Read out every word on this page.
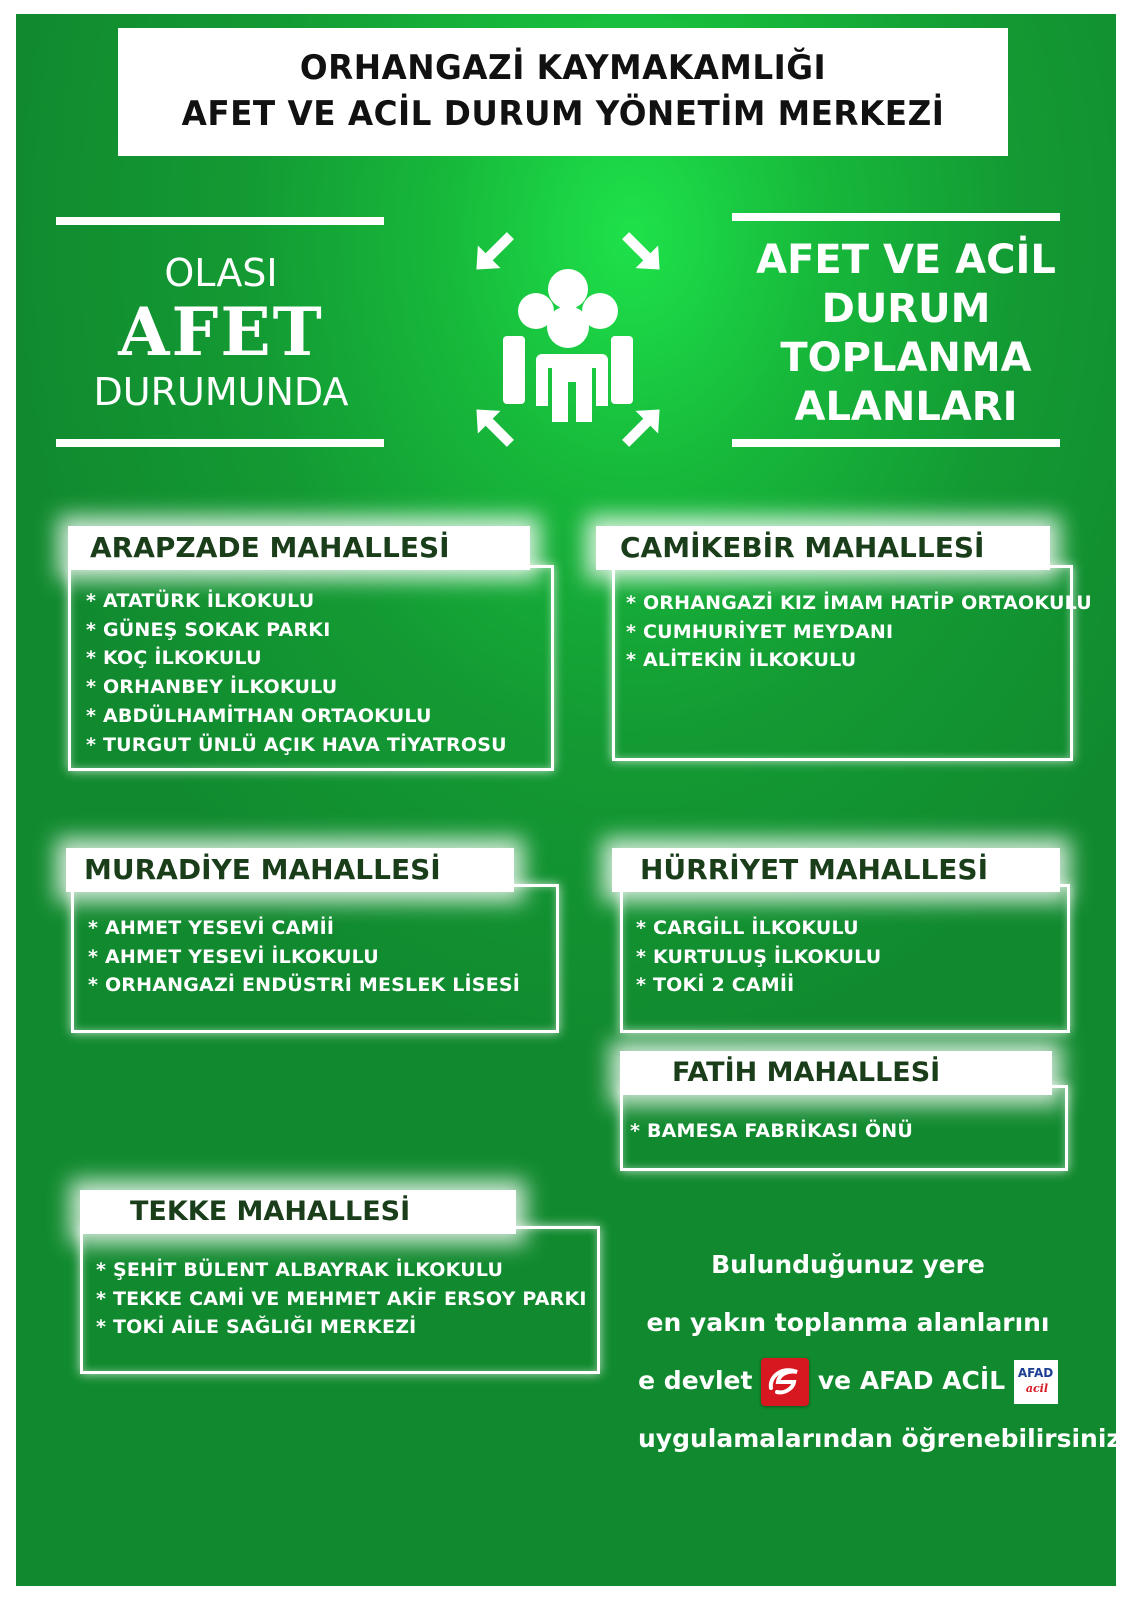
ORHANGAZİ KAYMAKAMLIĞI
AFET VE ACİL DURUM YÖNETİM MERKEZİ
OLASI
AFET
DURUMUNDA
AFET VE ACİL
DURUM
TOPLANMA
ALANLARI
ARAPZADE MAHALLESİ
* ATATÜRK İLKOKULU
* GÜNEŞ SOKAK PARKI
* KOÇ İLKOKULU
* ORHANBEY İLKOKULU
* ABDÜLHAMİTHAN ORTAOKULU
* TURGUT ÜNLÜ AÇIK HAVA TİYATROSU
CAMİKEBİR MAHALLESİ
* ORHANGAZİ KIZ İMAM HATİP ORTAOKULU
* CUMHURİYET MEYDANI
* ALİTEKİN İLKOKULU
MURADİYE MAHALLESİ
* AHMET YESEVİ CAMİİ
* AHMET YESEVİ İLKOKULU
* ORHANGAZİ ENDÜSTRİ MESLEK LİSESİ
HÜRRİYET MAHALLESİ
* CARGİLL İLKOKULU
* KURTULUŞ İLKOKULU
* TOKİ 2 CAMİİ
FATİH MAHALLESİ
* BAMESA FABRİKASI ÖNÜ
TEKKE MAHALLESİ
* ŞEHİT BÜLENT ALBAYRAK İLKOKULU
* TEKKE CAMİ VE MEHMET AKİF ERSOY PARKI
* TOKİ AİLE SAĞLIĞI MERKEZİ
Bulunduğunuz yere
en yakın toplanma alanlarını
e devlet	ve AFAD ACİL AFAD
acil
uygulamalarından öğrenebilirsiniz.
